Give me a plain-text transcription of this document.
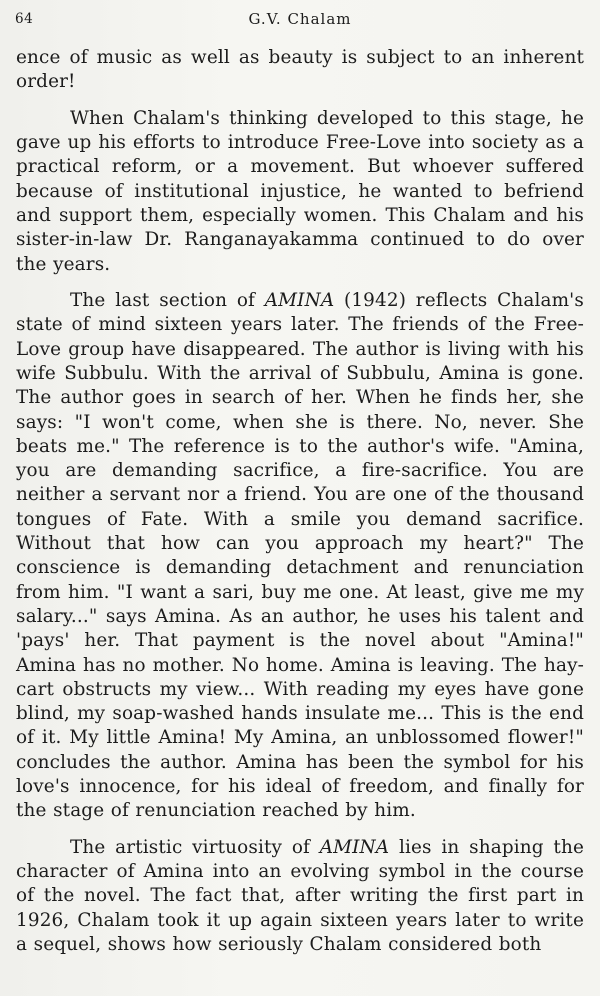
64	G.V. Chalam

ence of music as well as beauty is subject to an inherent order!

When Chalam's thinking developed to this stage, he gave up his efforts to introduce Free-Love into society as a practical reform, or a movement. But whoever suffered because of institutional injustice, he wanted to befriend and support them, especially women. This Chalam and his sister-in-law Dr. Ranganayakamma continued to do over the years.

The last section of AMINA (1942) reflects Chalam's state of mind sixteen years later. The friends of the Free-Love group have disappeared. The author is living with his wife Subbulu. With the arrival of Subbulu, Amina is gone. The author goes in search of her. When he finds her, she says: "I won't come, when she is there. No, never. She beats me." The reference is to the author's wife. "Amina, you are demanding sacrifice, a fire-sacrifice. You are neither a servant nor a friend. You are one of the thousand tongues of Fate. With a smile you demand sacrifice. Without that how can you approach my heart?" The conscience is demanding detachment and renunciation from him. "I want a sari, buy me one. At least, give me my salary..." says Amina. As an author, he uses his talent and 'pays' her. That payment is the novel about "Amina!" Amina has no mother. No home. Amina is leaving. The hay-cart obstructs my view... With reading my eyes have gone blind, my soap-washed hands insulate me... This is the end of it. My little Amina! My Amina, an unblossomed flower!" concludes the author. Amina has been the symbol for his love's innocence, for his ideal of freedom, and finally for the stage of renunciation reached by him.

The artistic virtuosity of AMINA lies in shaping the character of Amina into an evolving symbol in the course of the novel. The fact that, after writing the first part in 1926, Chalam took it up again sixteen years later to write a sequel, shows how seriously Chalam considered both
